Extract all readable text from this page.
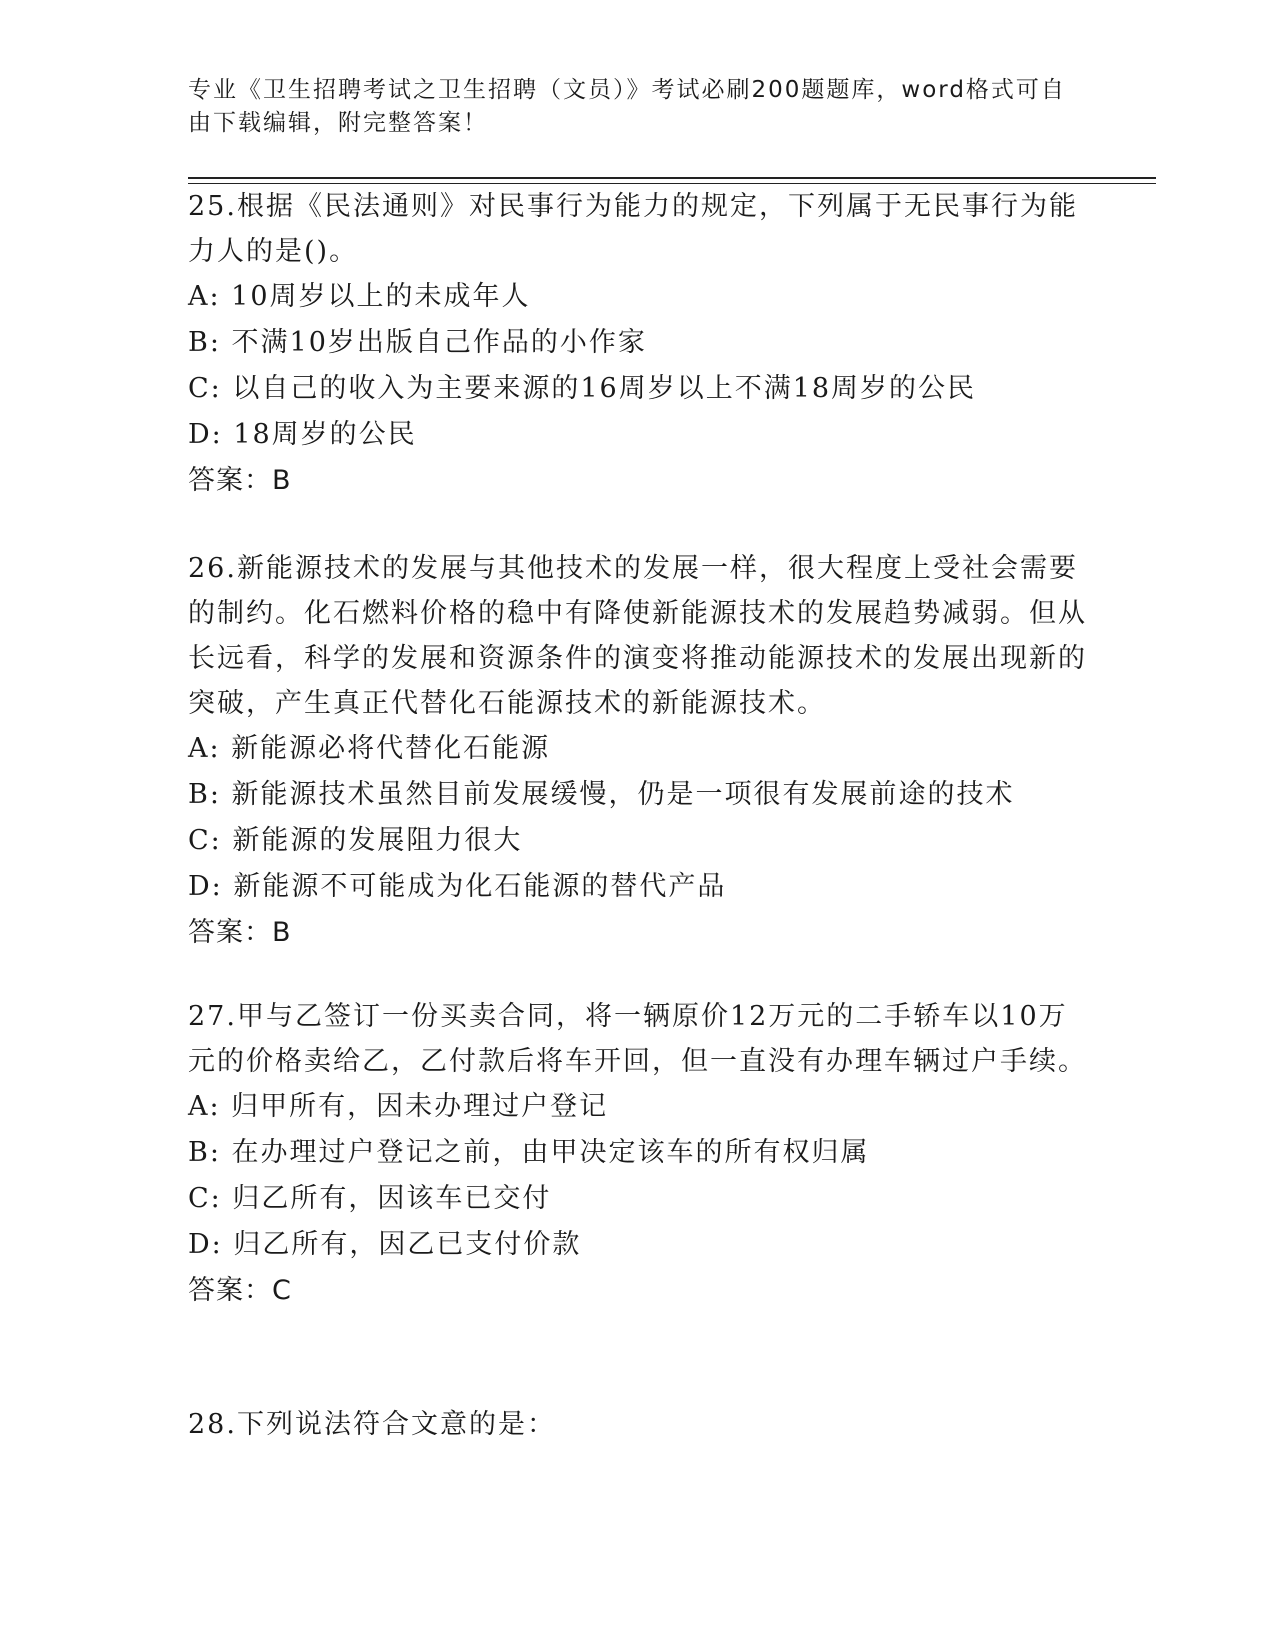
专业《卫生招聘考试之卫生招聘（文员）》考试必刷200题题库，word格式可自
由下载编辑，附完整答案！

25.根据《民法通则》对民事行为能力的规定，下列属于无民事行为能力人的是()。

A: 10周岁以上的未成年人

B: 不满10岁出版自己作品的小作家

C: 以自己的收入为主要来源的16周岁以上不满18周岁的公民

D: 18周岁的公民

答案：B

26.新能源技术的发展与其他技术的发展一样，很大程度上受社会需要的制约。化石燃料价格的稳中有降使新能源技术的发展趋势减弱。但从长远看，科学的发展和资源条件的演变将推动能源技术的发展出现新的突破，产生真正代替化石能源技术的新能源技术。

A: 新能源必将代替化石能源

B: 新能源技术虽然目前发展缓慢，仍是一项很有发展前途的技术

C: 新能源的发展阻力很大

D: 新能源不可能成为化石能源的替代产品

答案：B

27.甲与乙签订一份买卖合同，将一辆原价12万元的二手轿车以10万元的价格卖给乙，乙付款后将车开回，但一直没有办理车辆过户手续。

A: 归甲所有，因未办理过户登记

B: 在办理过户登记之前，由甲决定该车的所有权归属

C: 归乙所有，因该车已交付

D: 归乙所有，因乙已支付价款

答案：C

28.下列说法符合文意的是：
